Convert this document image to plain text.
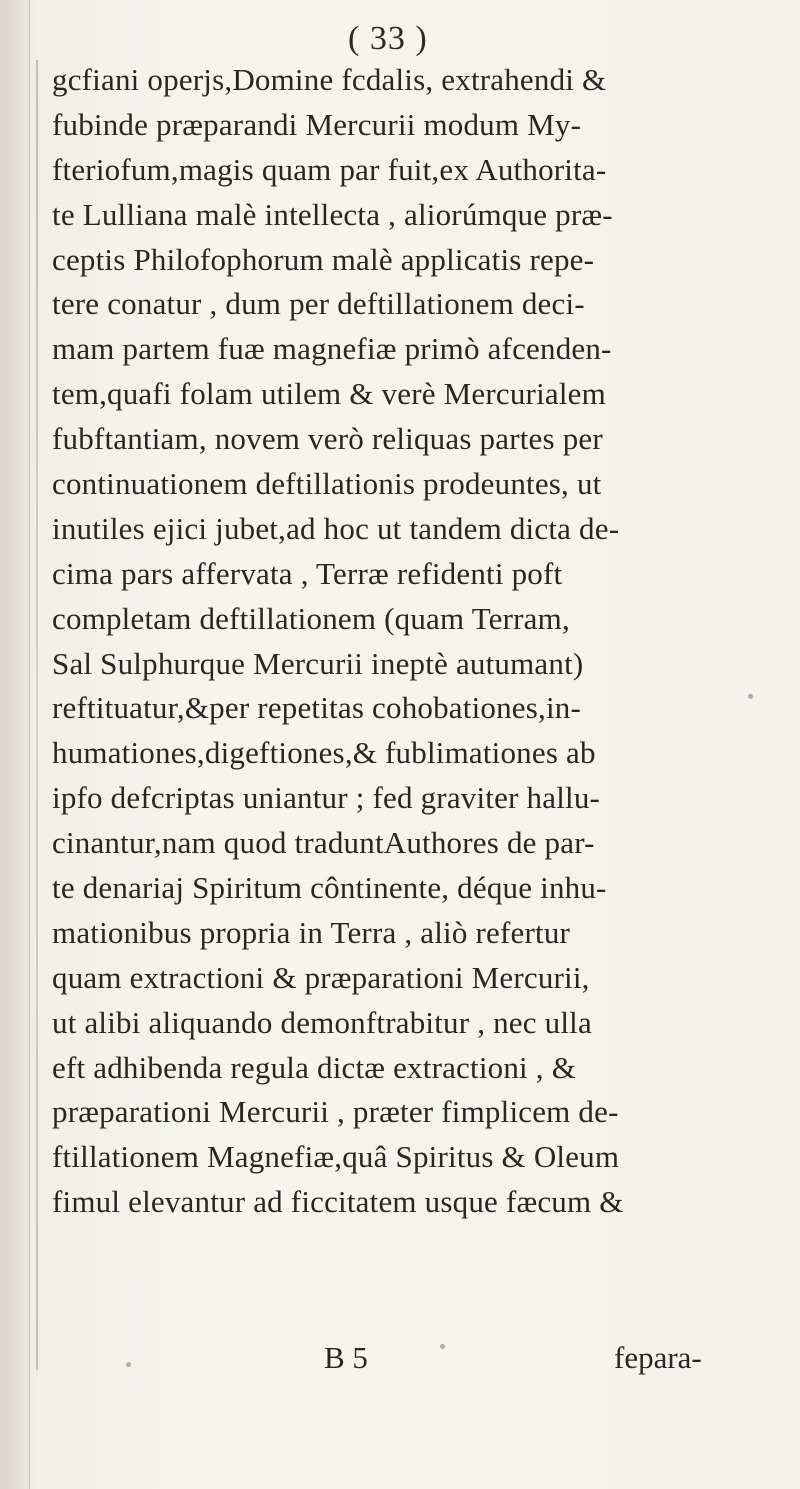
( 33 )
gcfiani operjs,Domine fcdalis, extrahendi &
fubinde præparandi Mercurii modum My-
fteriofum,magis quam par fuit,ex Authorita-
te Lulliana malè intellecta , aliorúmque præ-
ceptis Philofophorum malè applicatis repe-
tere conatur , dum per deftillationem deci-
mam partem fuæ magnefiæ primò afcenden-
tem,quafi folam utilem & verè Mercurialem
fubftantiam, novem verò reliquas partes per
continuationem deftillationis prodeuntes, ut
inutiles ejici jubet,ad hoc ut tandem dicta de-
cima pars affervata , Terræ refidenti poft
completam deftillationem (quam Terram,
Sal Sulphurque Mercurii ineptè autumant)
reftituatur,&per repetitas cohobationes,in-
humationes,digeftiones,& fublimationes ab
ipfo defcriptas uniantur ; fed graviter hallu-
cinantur,nam quod traduntAuthores de par-
te denariaj Spiritum côntinente, déque inhu-
mationibus propria in Terra , aliò refertur
quam extractioni & præparationi Mercurii,
ut alibi aliquando demonftrabitur , nec ulla
eft adhibenda regula dictæ extractioni , &
præparationi Mercurii , præter fimplicem de-
ftillationem Magnefiæ,quâ Spiritus & Oleum
fimul elevantur ad ficcitatem usque fæcum &
B 5	fepara-
